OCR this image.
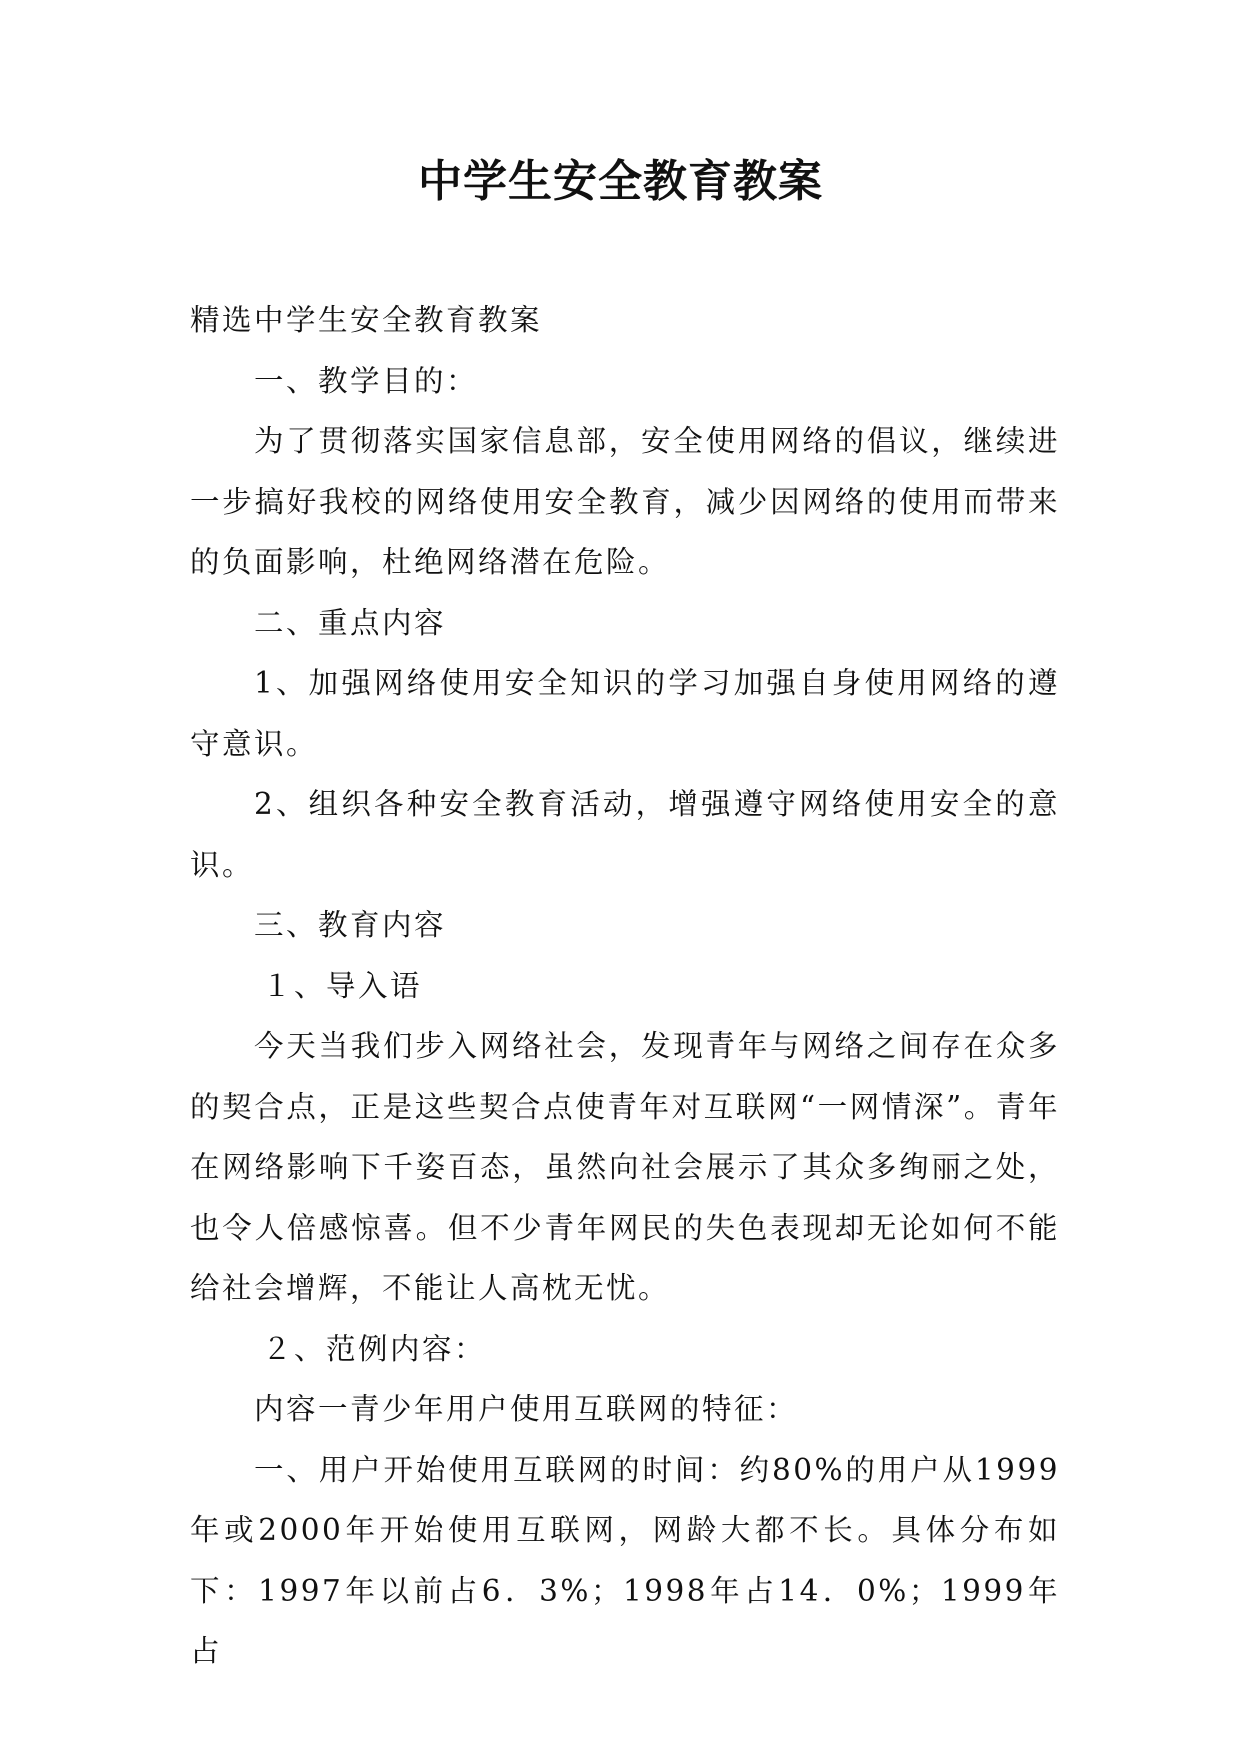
中学生安全教育教案

精选中学生安全教育教案

一、教学目的：

为了贯彻落实国家信息部，安全使用网络的倡议，继续进一步搞好我校的网络使用安全教育，减少因网络的使用而带来的负面影响，杜绝网络潜在危险。

二、重点内容

1、加强网络使用安全知识的学习加强自身使用网络的遵守意识。

2、组织各种安全教育活动，增强遵守网络使用安全的意识。

三、教育内容

１、导入语

今天当我们步入网络社会，发现青年与网络之间存在众多的契合点，正是这些契合点使青年对互联网“一网情深”。青年在网络影响下千姿百态，虽然向社会展示了其众多绚丽之处，也令人倍感惊喜。但不少青年网民的失色表现却无论如何不能给社会增辉，不能让人高枕无忧。

２、范例内容：

内容一青少年用户使用互联网的特征：

一、用户开始使用互联网的时间：约80%的用户从1999年或2000年开始使用互联网，网龄大都不长。具体分布如下：1997年以前占6．3%；1998年占14．0%；1999年占
